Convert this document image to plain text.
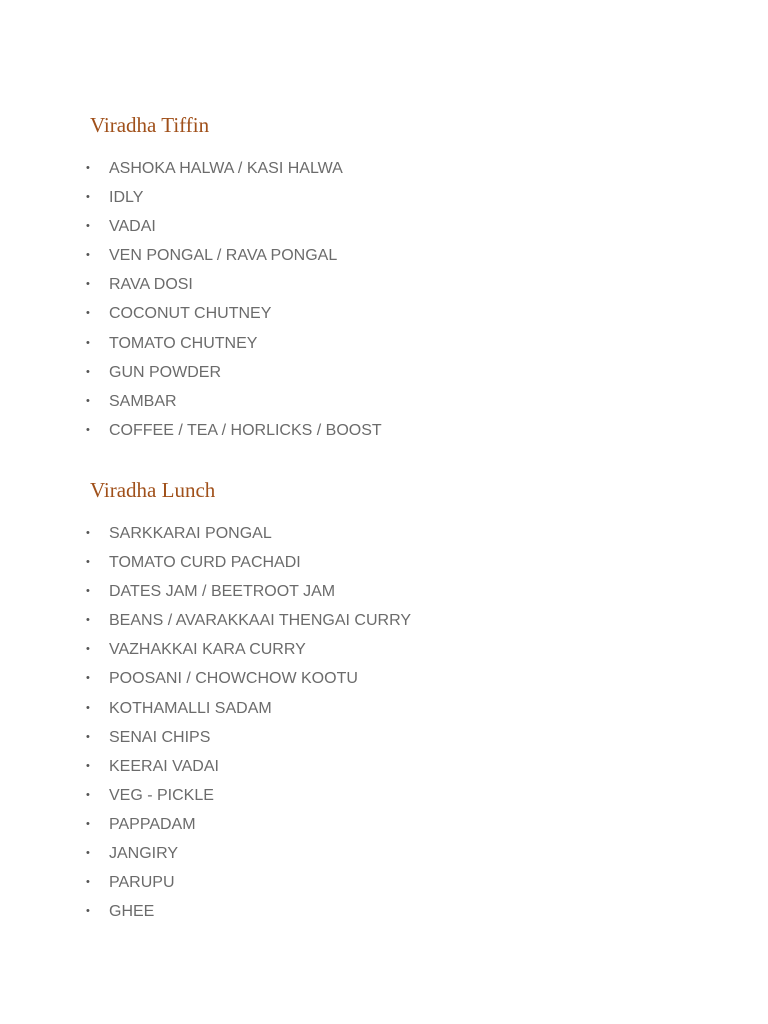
Viradha Tiffin
• ASHOKA HALWA / KASI HALWA
• IDLY
• VADAI
• VEN PONGAL / RAVA PONGAL
• RAVA DOSI
• COCONUT CHUTNEY
• TOMATO CHUTNEY
• GUN POWDER
• SAMBAR
• COFFEE / TEA / HORLICKS / BOOST
Viradha Lunch
• SARKKARAI PONGAL
• TOMATO CURD PACHADI
• DATES JAM / BEETROOT JAM
• BEANS / AVARAKKAAI THENGAI CURRY
• VAZHAKKAI KARA CURRY
• POOSANI / CHOWCHOW KOOTU
• KOTHAMALLI SADAM
• SENAI CHIPS
• KEERAI VADAI
• VEG - PICKLE
• PAPPADAM
• JANGIRY
• PARUPU
• GHEE
